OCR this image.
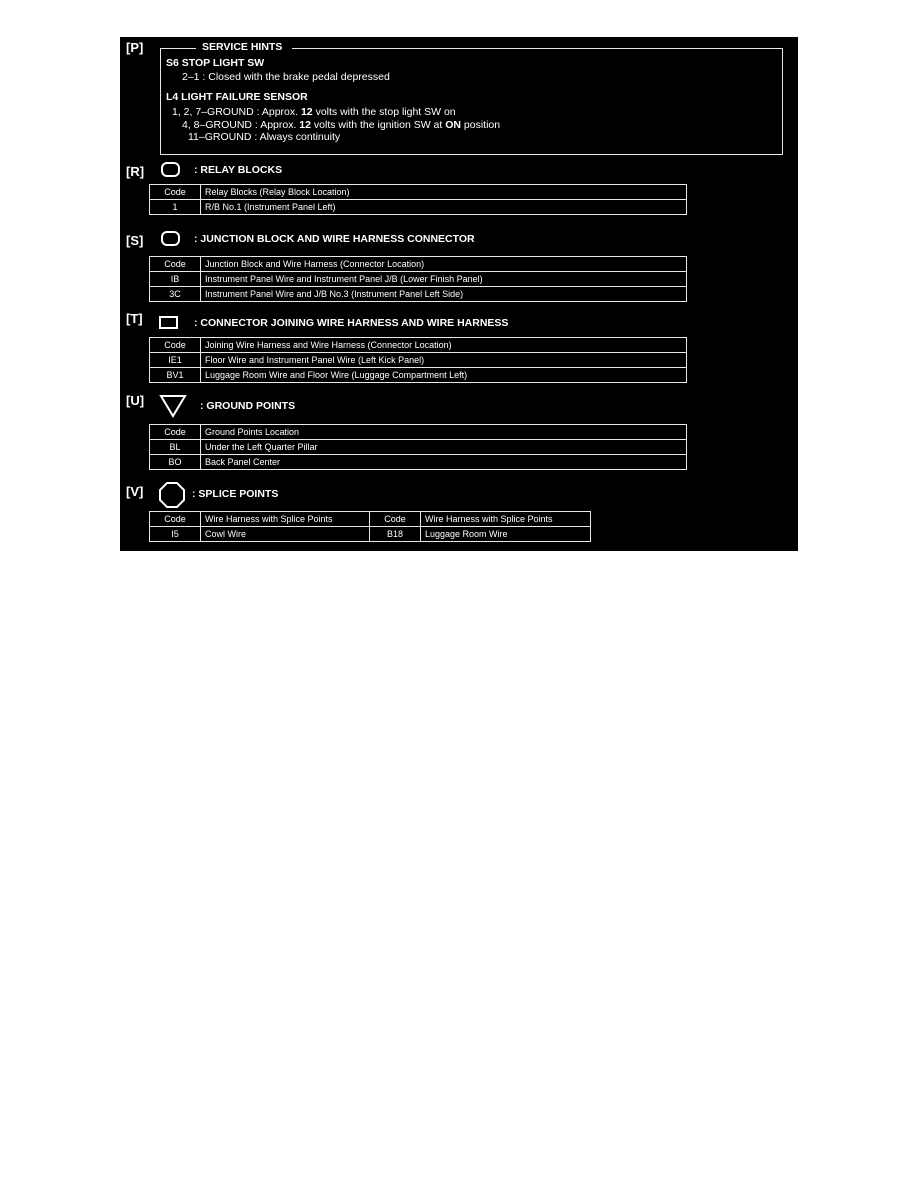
[P]	SERVICE HINTS
S6 STOP LIGHT SW
2–1 : Closed with the brake pedal depressed
L4 LIGHT FAILURE SENSOR
1, 2, 7–GROUND : Approx. 12 volts with the stop light SW on
4, 8–GROUND : Approx. 12 volts with the ignition SW at ON position
11–GROUND : Always continuity
[R]	: RELAY BLOCKS
Code	Relay Blocks (Relay Block Location)
1	R/B No.1 (Instrument Panel Left)
[S]	: JUNCTION BLOCK AND WIRE HARNESS CONNECTOR
Code	Junction Block and Wire Harness (Connector Location)
IB	Instrument Panel Wire and Instrument Panel J/B (Lower Finish Panel)
3C	Instrument Panel Wire and J/B No.3 (Instrument Panel Left Side)
[T]	: CONNECTOR JOINING WIRE HARNESS AND WIRE HARNESS
Code	Joining Wire Harness and Wire Harness (Connector Location)
IE1	Floor Wire and Instrument Panel Wire (Left Kick Panel)
BV1	Luggage Room Wire and Floor Wire (Luggage Compartment Left)
[U]	: GROUND POINTS
Code	Ground Points Location
BL	Under the Left Quarter Pillar
BO	Back Panel Center
[V]	: SPLICE POINTS
Code	Wire Harness with Splice Points	Code	Wire Harness with Splice Points
I5	Cowl Wire	B18	Luggage Room Wire
